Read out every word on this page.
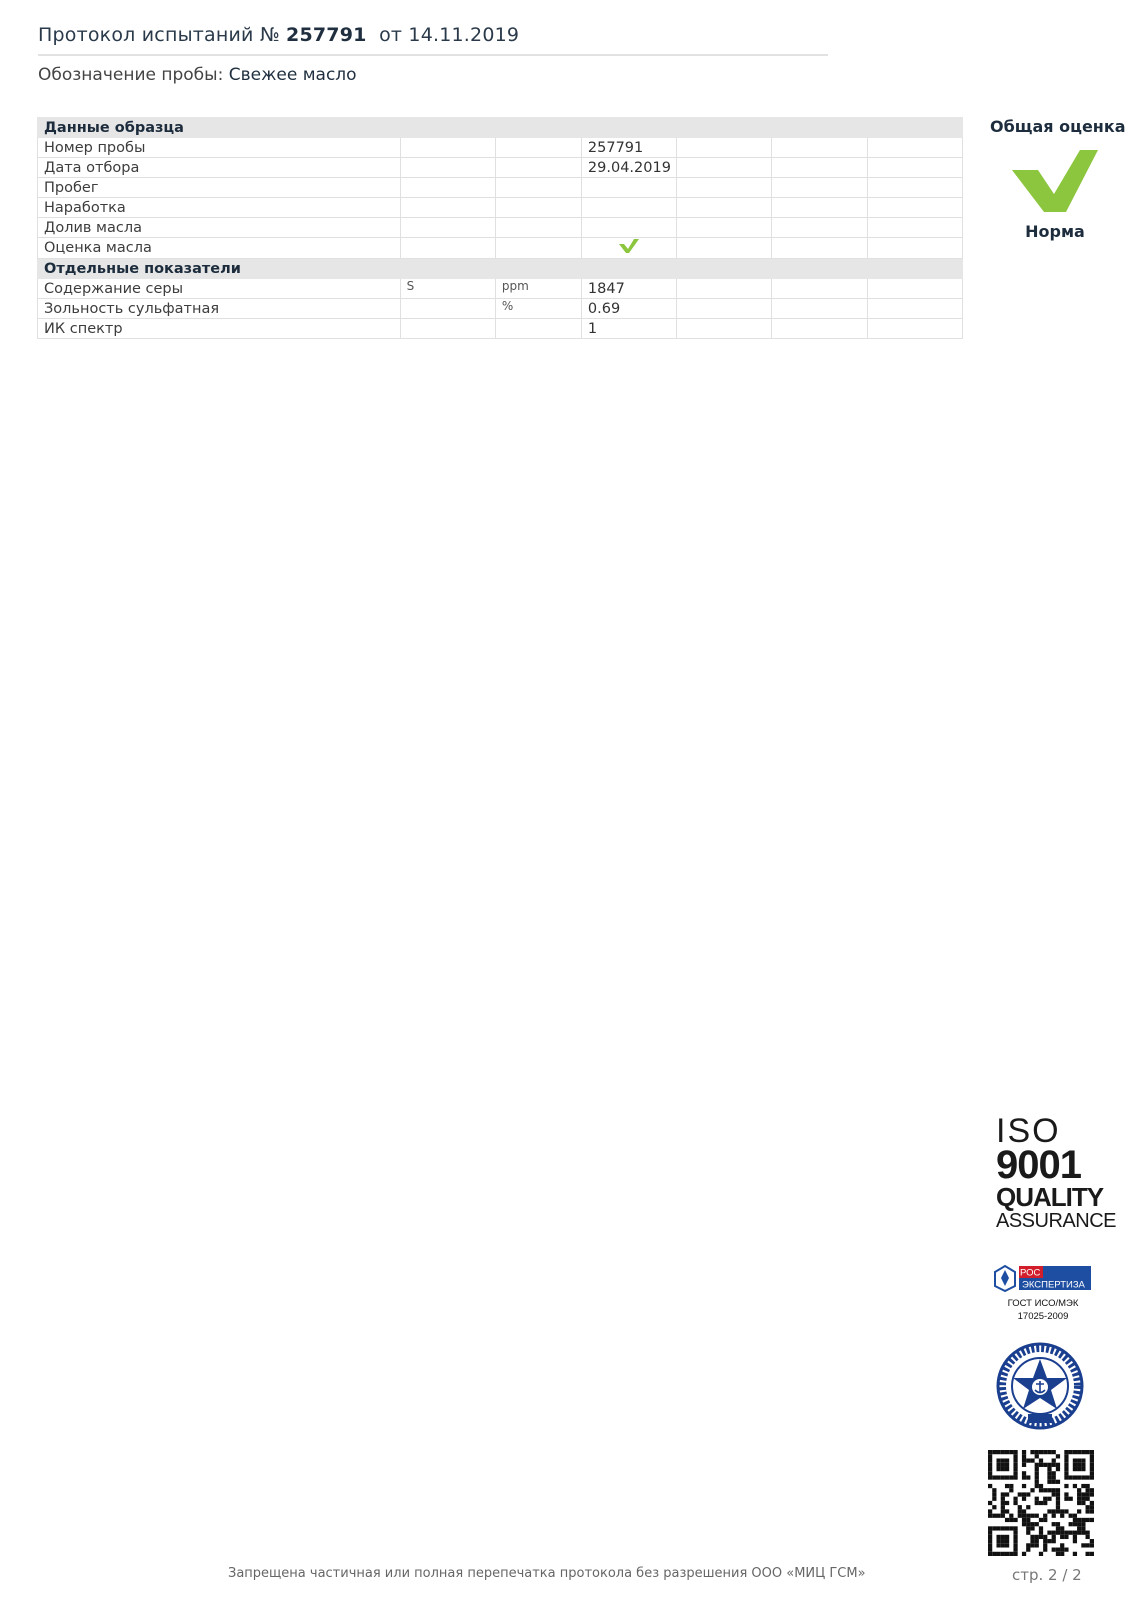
Протокол испытаний № 257791 от 14.11.2019
Обозначение пробы: Свежее масло
Данные образца						
Номер пробы			257791			
Дата отбора			29.04.2019			
Пробег						
Наработка						
Долив масла						
Оценка масла						
Отдельные показатели						
Содержание серы	S	ppm	1847			
Зольность сульфатная		%	0.69			
ИК спектр			1			
Общая оценка
Норма
ISO
9001
QUALITY
ASSURANCE
РОС
ЭКСПЕРТИЗА
ГОСТ ИСО/МЭК
17025-2009
Запрещена частичная или полная перепечатка протокола без разрешения ООО «МИЦ ГСМ»	стр. 2 / 2
